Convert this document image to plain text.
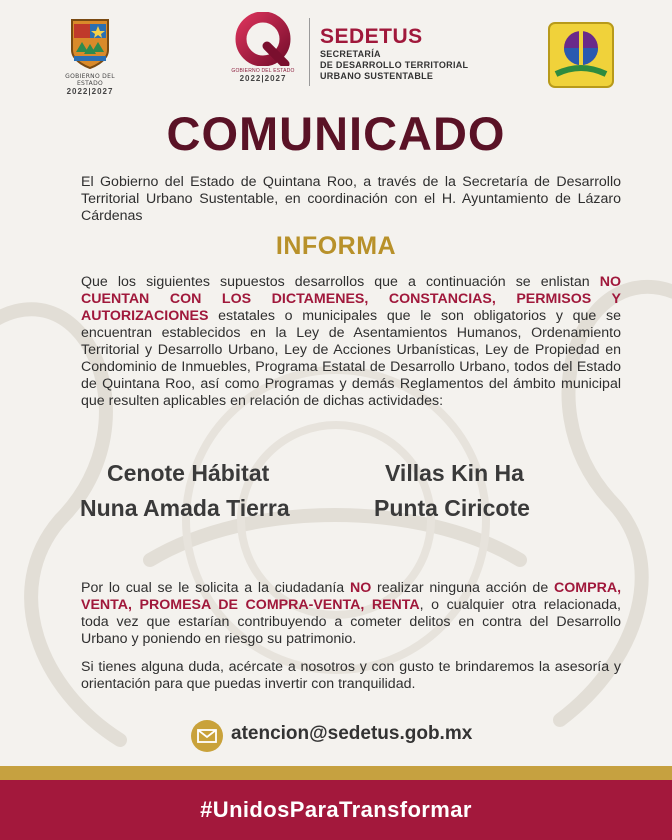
GOBIERNO DEL ESTADO
2022|2027
GOBIERNO DEL ESTADO
2022|2027
SEDETUS
SECRETARÍA
DE DESARROLLO TERRITORIAL
URBANO SUSTENTABLE
COMUNICADO
El Gobierno del Estado de Quintana Roo, a través de la Secretaría de Desarrollo Territorial Urbano Sustentable, en coordinación con el H. Ayuntamiento de Lázaro Cárdenas
INFORMA
Que los siguientes supuestos desarrollos que a continuación se enlistan NO CUENTAN CON LOS DICTAMENES, CONSTANCIAS, PERMISOS Y AUTORIZACIONES estatales o municipales que le son obligatorios y que se encuentran establecidos en la Ley de Asentamientos Humanos, Ordenamiento Territorial y Desarrollo Urbano, Ley de Acciones Urbanísticas, Ley de Propiedad en Condominio de Inmuebles, Programa Estatal de Desarrollo Urbano, todos del Estado de Quintana Roo, así como Programas y demás Reglamentos del ámbito municipal que resulten aplicables en relación de dichas actividades:
Cenote Hábitat	Villas Kin Ha
Nuna Amada Tierra	Punta Ciricote
Por lo cual se le solicita a la ciudadanía NO realizar ninguna acción de COMPRA, VENTA, PROMESA DE COMPRA-VENTA, RENTA, o cualquier otra relacionada, toda vez que estarían contribuyendo a cometer delitos en contra del Desarrollo Urbano y poniendo en riesgo su patrimonio.
Si tienes alguna duda, acércate a nosotros y con gusto te brindaremos la asesoría y orientación para que puedas invertir con tranquilidad.
atencion@sedetus.gob.mx
#UnidosParaTransformar
